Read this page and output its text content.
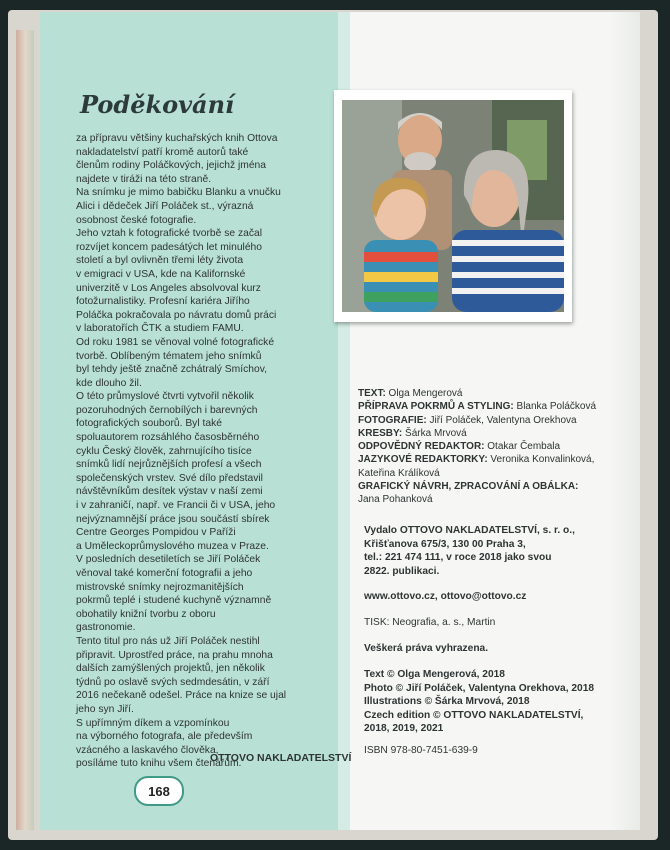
Poděkování

za přípravu většiny kuchařských knih Ottova
nakladatelství patří kromě autorů také
členům rodiny Poláčkových, jejichž jména
najdete v tiráži na této straně.
Na snímku je mimo babičku Blanku a vnučku
Alici i dědeček Jiří Poláček st., výrazná
osobnost české fotografie.

Jeho vztah k fotografické tvorbě se začal
rozvíjet koncem padesátých let minulého
století a byl ovlivněn třemi léty života
v emigraci v USA, kde na Kalifornské
univerzitě v Los Angeles absolvoval kurz
fotožurnalistiky. Profesní kariéra Jiřího
Poláčka pokračovala po návratu domů práci
v laboratořích ČTK a studiem FAMU.

Od roku 1981 se věnoval volné fotografické
tvorbě. Oblíbeným tématem jeho snímků
byl tehdy ještě značně zchátralý Smíchov,
kde dlouho žil.

O této průmyslové čtvrti vytvořil několik
pozoruhodných černobílých i barevných
fotografických souborů. Byl také
spoluautorem rozsáhlého časosběrného
cyklu Český člověk, zahrnujícího tisíce
snímků lidí nejrůznějších profesí a všech
společenských vrstev. Své dílo představil
návštěvníkům desítek výstav v naší zemi
i v zahraničí, např. ve Francii či v USA, jeho
nejvýznamnější práce jsou součástí sbírek
Centre Georges Pompidou v Paříži
a Uměleckoprůmyslového muzea v Praze.

V posledních desetiletích se Jiří Poláček
věnoval také komerční fotografii a jeho
mistrovské snímky nejrozmanitějších
pokrmů teplé i studené kuchyně významně
obohatily knižní tvorbu z oboru
gastronomie.

Tento titul pro nás už Jiří Poláček nestihl
připravit. Uprostřed práce, na prahu mnoha
dalších zamýšlených projektů, jen několik
týdnů po oslavě svých sedmdesátin, v září
2016 nečekaně odešel. Práce na knize se ujal
jeho syn Jiří.

S upřímným díkem a vzpomínkou
na výborného fotografa, ale především
vzácného a laskavého člověka,
posíláme tuto knihu všem čtenářům.

OTTOVO NAKLADATELSTVÍ
168

TEXT: Olga Mengerová

PŘÍPRAVA POKRMŮ A STYLING: Blanka Poláčková

FOTOGRAFIE: Jiří Poláček, Valentyna Orekhova

KRESBY: Šárka Mrvová

ODPOVĚDNÝ REDAKTOR: Otakar Čembala

JAZYKOVÉ REDAKTORKY: Veronika Konvalinková, Kateřina Králíková

GRAFICKÝ NÁVRH, ZPRACOVÁNÍ A OBÁLKA: Jana Pohanková

Vydalo OTTOVO NAKLADATELSTVÍ, s. r. o.,
Křišťanova 675/3, 130 00 Praha 3,
tel.: 221 474 111, v roce 2018 jako svou
2822. publikaci.

www.ottovo.cz, ottovo@ottovo.cz
TISK: Neografia, a. s., Martin
Veškerá práva vyhrazena.
Text © Olga Mengerová, 2018
Photo © Jiří Poláček, Valentyna Orekhova, 2018
Illustrations © Šárka Mrvová, 2018
Czech edition © OTTOVO NAKLADATELSTVÍ,
2018, 2019, 2021

ISBN 978-80-7451-639-9
